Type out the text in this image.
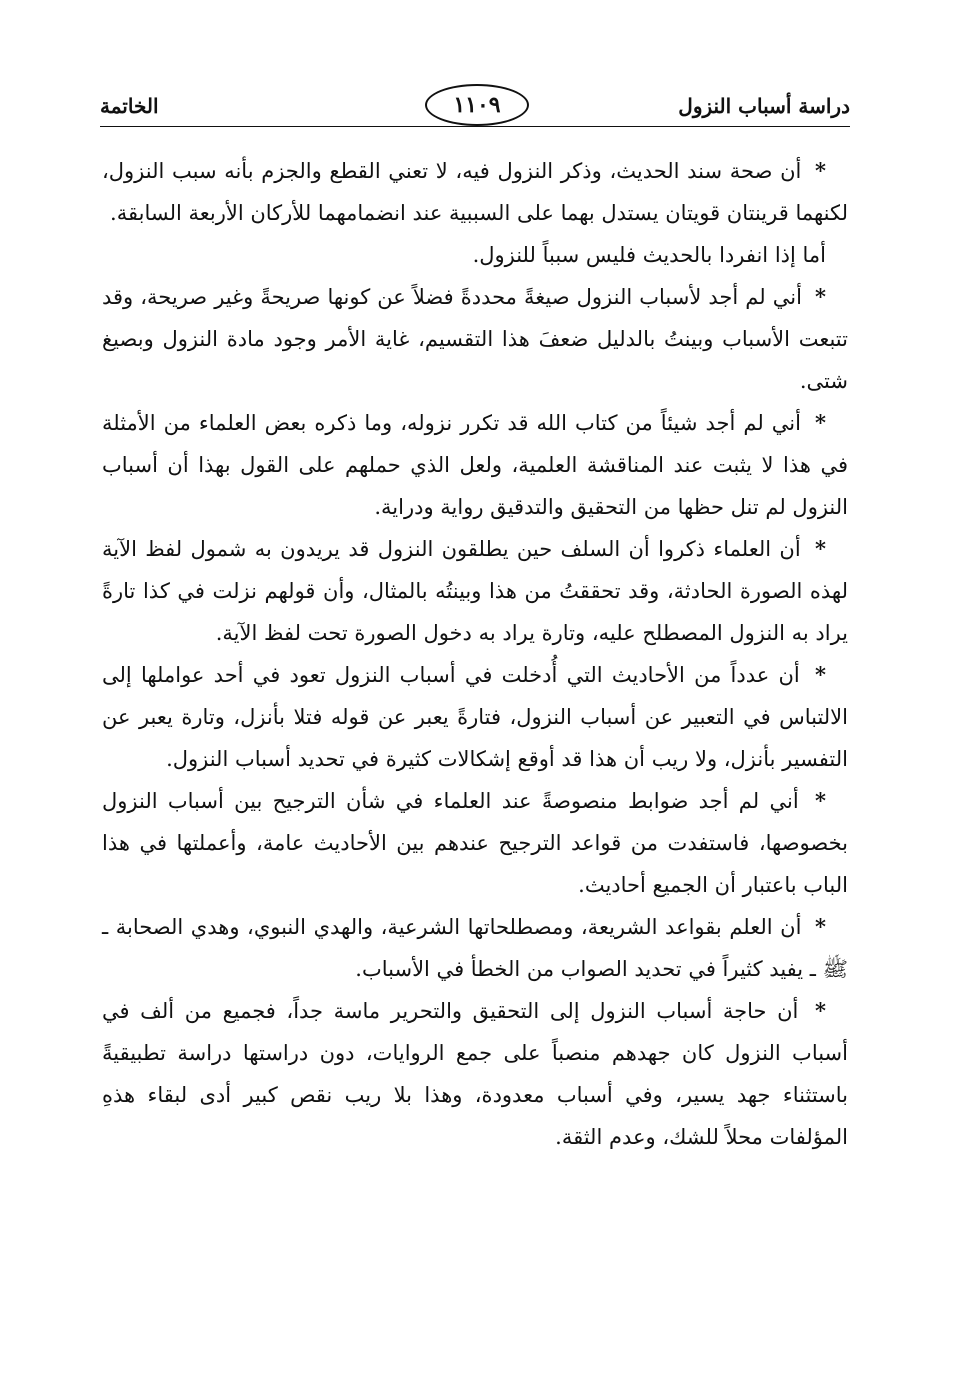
دراسة أسباب النزول
١١٠٩
الخاتمة

* أن صحة سند الحديث، وذكر النزول فيه، لا تعني القطع والجزم بأنه سبب النزول، لكنهما قرينتان قويتان يستدل بهما على السببية عند انضمامهما للأركان الأربعة السابقة.

أما إذا انفردا بالحديث فليس سبباً للنزول.

* أني لم أجد لأسباب النزول صيغةً محددةً فضلاً عن كونها صريحةً وغير صريحة، وقد تتبعت الأسباب وبينتُ بالدليل ضعفَ هذا التقسيم، غاية الأمر وجود مادة النزول وبصيغ شتى.

* أني لم أجد شيئاً من كتاب الله قد تكرر نزوله، وما ذكره بعض العلماء من الأمثلة في هذا لا يثبت عند المناقشة العلمية، ولعل الذي حملهم على القول بهذا أن أسباب النزول لم تنل حظها من التحقيق والتدقيق رواية ودراية.

* أن العلماء ذكروا أن السلف حين يطلقون النزول قد يريدون به شمول لفظ الآية لهذه الصورة الحادثة، وقد تحققتُ من هذا وبينتُه بالمثال، وأن قولهم نزلت في كذا تارةً يراد به النزول المصطلح عليه، وتارة يراد به دخول الصورة تحت لفظ الآية.

* أن عدداً من الأحاديث التي أُدخلت في أسباب النزول تعود في أحد عواملها إلى الالتباس في التعبير عن أسباب النزول، فتارةً يعبر عن قوله فتلا بأنزل، وتارة يعبر عن التفسير بأنزل، ولا ريب أن هذا قد أوقع إشكالات كثيرة في تحديد أسباب النزول.

* أني لم أجد ضوابط منصوصةً عند العلماء في شأن الترجيح بين أسباب النزول بخصوصها، فاستفدت من قواعد الترجيح عندهم بين الأحاديث عامة، وأعملتها في هذا الباب باعتبار أن الجميع أحاديث.

* أن العلم بقواعد الشريعة، ومصطلحاتها الشرعية، والهدي النبوي، وهدي الصحابة ـ ﷺ ـ يفيد كثيراً في تحديد الصواب من الخطأ في الأسباب.

* أن حاجة أسباب النزول إلى التحقيق والتحرير ماسة جداً، فجميع من ألف في أسباب النزول كان جهدهم منصباً على جمع الروايات، دون دراستها دراسة تطبيقيةً باستثناء جهد يسير، وفي أسباب معدودة، وهذا بلا ريب نقص كبير أدى لبقاء هذهِ المؤلفات محلاً للشك، وعدم الثقة.
